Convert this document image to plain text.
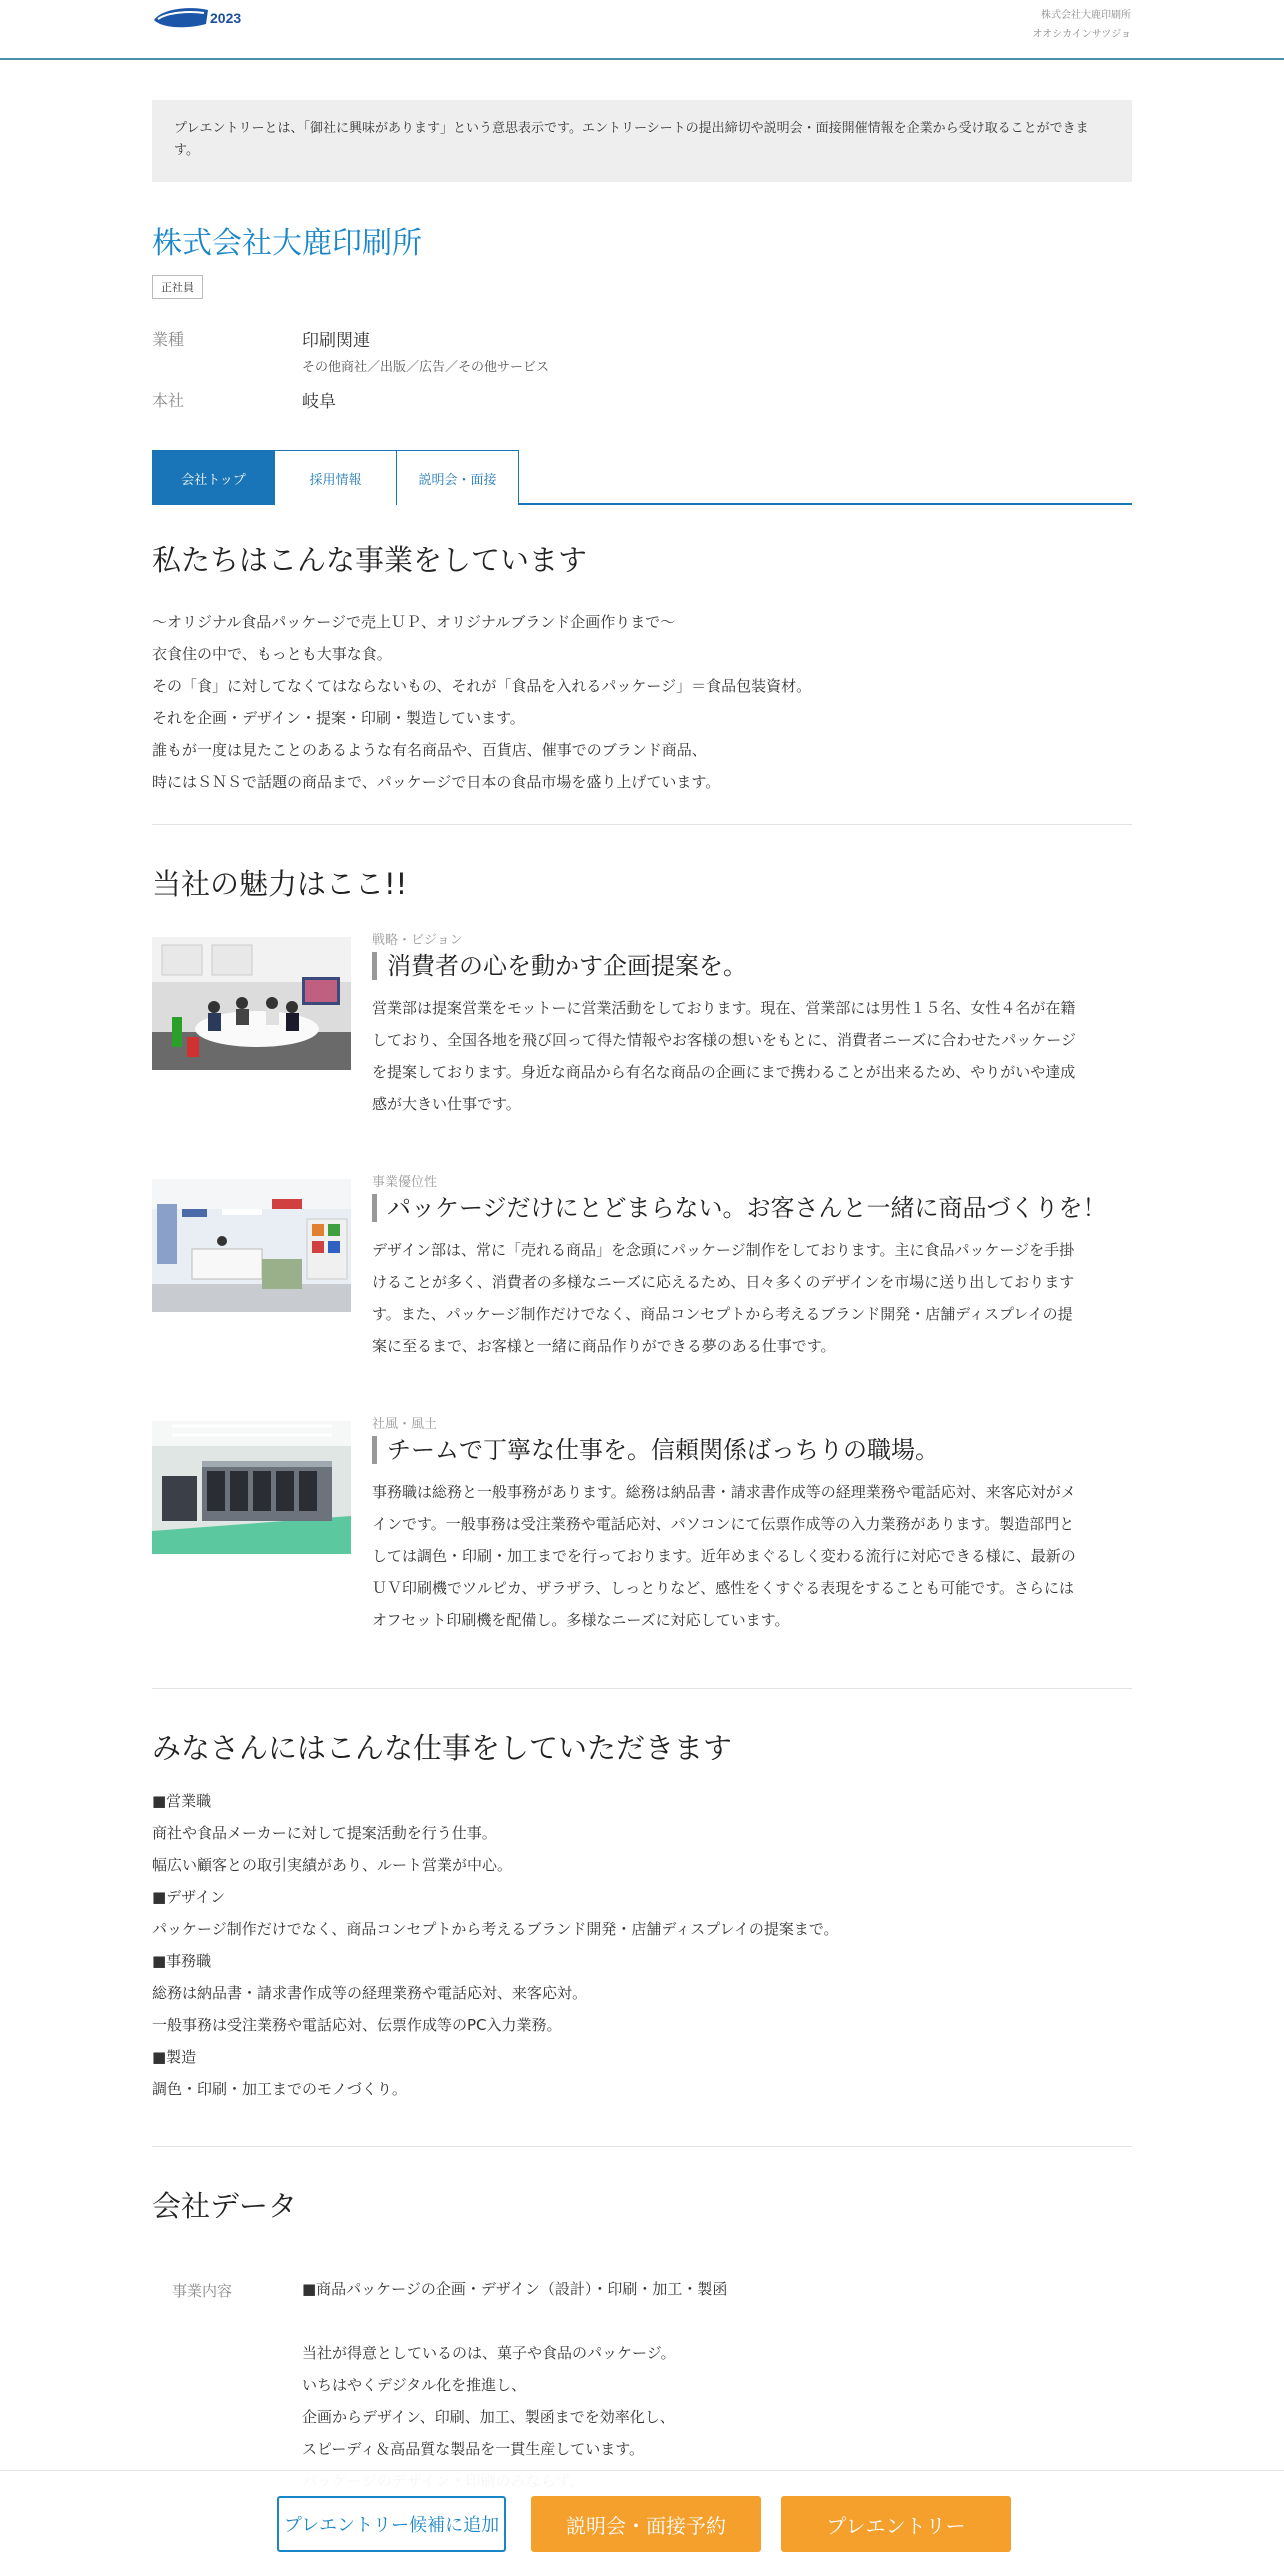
2023	株式会社大鹿印刷所
オオシカインサツジョ
プレエントリーとは、「御社に興味があります」という意思表示です。エントリーシートの提出締切や説明会・面接開催情報を企業から受け取ることができます。
株式会社大鹿印刷所
正社員
業種	印刷関連
その他商社／出版／広告／その他サービス
本社	岐阜
会社トップ	採用情報	説明会・面接
私たちはこんな事業をしています
～オリジナル食品パッケージで売上ＵＰ、オリジナルブランド企画作りまで～
衣食住の中で、もっとも大事な食。
その「食」に対してなくてはならないもの、それが「食品を入れるパッケージ」＝食品包装資材。
それを企画・デザイン・提案・印刷・製造しています。
誰もが一度は見たことのあるような有名商品や、百貨店、催事でのブランド商品、
時にはＳＮＳで話題の商品まで、パッケージで日本の食品市場を盛り上げています。
当社の魅力はここ!!
戦略・ビジョン
消費者の心を動かす企画提案を。
営業部は提案営業をモットーに営業活動をしております。現在、営業部には男性１５名、女性４名が在籍
しており、全国各地を飛び回って得た情報やお客様の想いをもとに、消費者ニーズに合わせたパッケージ
を提案しております。身近な商品から有名な商品の企画にまで携わることが出来るため、やりがいや達成
感が大きい仕事です。
事業優位性
パッケージだけにとどまらない。お客さんと一緒に商品づくりを！
デザイン部は、常に「売れる商品」を念頭にパッケージ制作をしております。主に食品パッケージを手掛
けることが多く、消費者の多様なニーズに応えるため、日々多くのデザインを市場に送り出しております
す。また、パッケージ制作だけでなく、商品コンセプトから考えるブランド開発・店舗ディスプレイの提
案に至るまで、お客様と一緒に商品作りができる夢のある仕事です。
社風・風土
チームで丁寧な仕事を。信頼関係ばっちりの職場。
事務職は総務と一般事務があります。総務は納品書・請求書作成等の経理業務や電話応対、来客応対がメ
インです。一般事務は受注業務や電話応対、パソコンにて伝票作成等の入力業務があります。製造部門と
しては調色・印刷・加工までを行っております。近年めまぐるしく変わる流行に対応できる様に、最新の
ＵＶ印刷機でツルピカ、ザラザラ、しっとりなど、感性をくすぐる表現をすることも可能です。さらには
オフセット印刷機を配備し。多様なニーズに対応しています。
みなさんにはこんな仕事をしていただきます
■営業職
商社や食品メーカーに対して提案活動を行う仕事。
幅広い顧客との取引実績があり、ルート営業が中心。
■デザイン
パッケージ制作だけでなく、商品コンセプトから考えるブランド開発・店舗ディスプレイの提案まで。
■事務職
総務は納品書・請求書作成等の経理業務や電話応対、来客応対。
一般事務は受注業務や電話応対、伝票作成等のPC入力業務。
■製造
調色・印刷・加工までのモノづくり。
会社データ
事業内容	■商品パッケージの企画・デザイン（設計）・印刷・加工・製函
当社が得意としているのは、菓子や食品のパッケージ。
いちはやくデジタル化を推進し、
企画からデザイン、印刷、加工、製函までを効率化し、
スピーディ＆高品質な製品を一貫生産しています。
プレエントリー候補に追加	説明会・面接予約	プレエントリー
